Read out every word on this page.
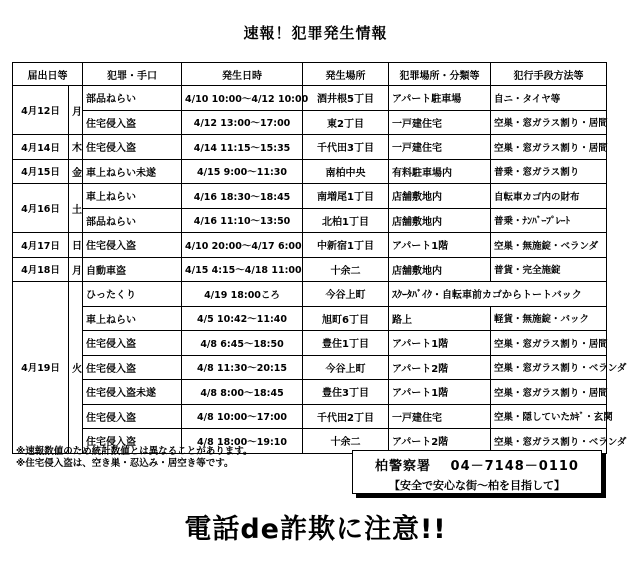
速報！犯罪発生情報
届出日等		犯罪・手口	発生日時	発生場所	犯罪場所・分類等	犯行手段方法等
4月12日	月	部品ねらい	4/10 10:00～4/12 10:00	酒井根5丁目	アパート駐車場	自ニ・タイヤ等
		住宅侵入盗	4/12 13:00～17:00	東2丁目	一戸建住宅	空巣・窓ガラス割り・居間
4月14日	木	住宅侵入盗	4/14 11:15～15:35	千代田3丁目	一戸建住宅	空巣・窓ガラス割り・居間
4月15日	金	車上ねらい未遂	4/15 9:00～11:30	南柏中央	有料駐車場内	普乗・窓ガラス割り
4月16日	土	車上ねらい	4/16 18:30～18:45	南増尾1丁目	店舗敷地内	自転車カゴ内の財布
		部品ねらい	4/16 11:10～13:50	北柏1丁目	店舗敷地内	普乗・ﾅﾝﾊﾞｰﾌﾟﾚｰﾄ
4月17日	日	住宅侵入盗	4/10 20:00～4/17 6:00	中新宿1丁目	アパート1階	空巣・無施錠・ベランダ
4月18日	月	自動車盗	4/15 4:15～4/18 11:00	十余二	店舗敷地内	普貨・完全施錠
4月19日	火	ひったくり	4/19 18:00ころ	今谷上町	ｽｸｰﾀﾊﾞｲｸ・自転車前カゴからトートバック	
		車上ねらい	4/5 10:42～11:40	旭町6丁目	路上	軽貨・無施錠・バック
		住宅侵入盗	4/8 6:45～18:50	豊住1丁目	アパート1階	空巣・窓ガラス割り・居間
		住宅侵入盗	4/8 11:30～20:15	今谷上町	アパート2階	空巣・窓ガラス割り・ベランダ
		住宅侵入盗未遂	4/8 8:00～18:45	豊住3丁目	アパート1階	空巣・窓ガラス割り・居間
		住宅侵入盗	4/8 10:00～17:00	千代田2丁目	一戸建住宅	空巣・隠していたｶｷﾞ・玄関
		住宅侵入盗	4/8 18:00～19:10	十余二	アパート2階	空巣・窓ガラス割り・ベランダ
※速報数値のため統計数値とは異なることがあります。
※住宅侵入盗は、空き巣・忍込み・居空き等です。	柏警察署　 04－7148－0110
【安全で安心な街～柏を目指して】
電話de詐欺に注意!!
